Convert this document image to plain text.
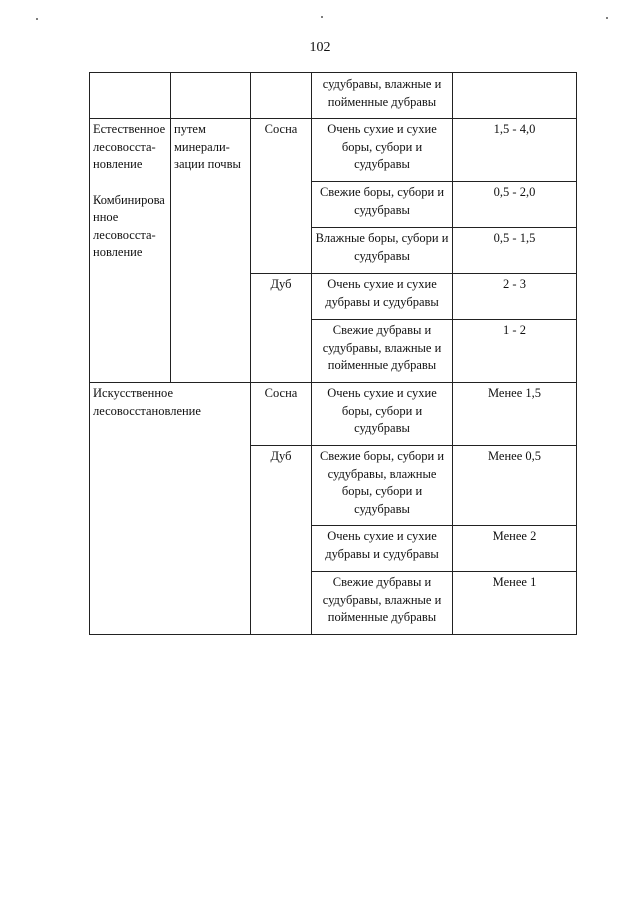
102
			судубравы, влажные и пойменные дубравы	

Естественное лесовосста-новление
Комбинирова нное лесовосста-новление	путем минерали-зации почвы	Сосна	Очень сухие и сухие боры, субори и судубравы	1,5 - 4,0
			Свежие боры, субори и судубравы	0,5 - 2,0
			Влажные боры, субори и судубравы	0,5 - 1,5
		Дуб	Очень сухие и сухие дубравы и судубравы	2 - 3
			Свежие дубравы и судубравы, влажные и пойменные дубравы	1 - 2
Искусственное лесовосстановление		Сосна	Очень сухие и сухие боры, субори и судубравы	Менее 1,5
		Дуб	Свежие боры, субори и судубравы, влажные боры, субори и судубравы	Менее 0,5
			Очень сухие и сухие дубравы и судубравы	Менее 2
			Свежие дубравы и судубравы, влажные и пойменные дубравы	Менее 1
